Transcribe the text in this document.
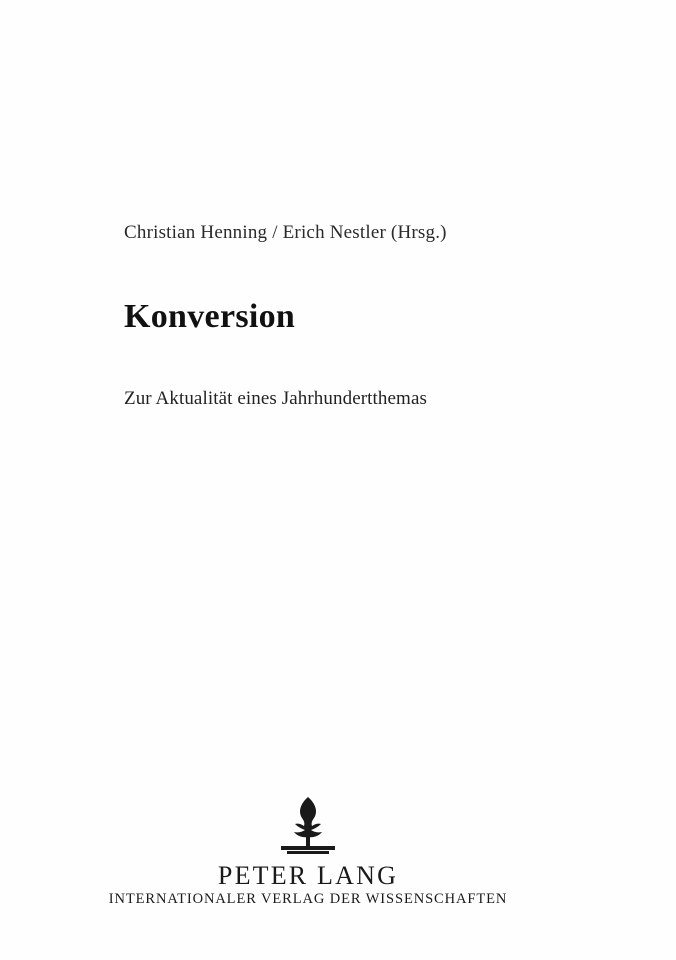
Christian Henning / Erich Nestler (Hrsg.)
Konversion
Zur Aktualität eines Jahrhundertthemas
PETER LANG
INTERNATIONALER VERLAG DER WISSENSCHAFTEN
